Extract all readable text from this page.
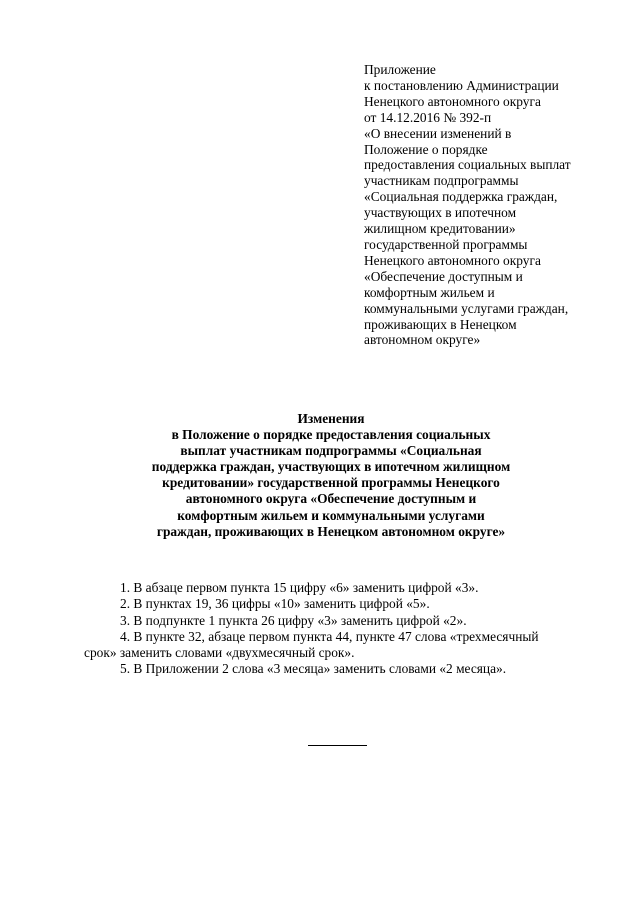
Приложение
к постановлению Администрации
Ненецкого автономного округа
от 14.12.2016 № 392-п
«О внесении изменений в
Положение о порядке
предоставления социальных выплат
участникам подпрограммы
«Социальная поддержка граждан,
участвующих в ипотечном
жилищном кредитовании»
государственной программы
Ненецкого автономного округа
«Обеспечение доступным и
комфортным жильем и
коммунальными услугами граждан,
проживающих в Ненецком
автономном округе»
Изменения
в Положение о порядке предоставления социальных
выплат участникам подпрограммы «Социальная
поддержка граждан, участвующих в ипотечном жилищном
кредитовании» государственной программы Ненецкого
автономного округа «Обеспечение доступным и
комфортным жильем и коммунальными услугами
граждан, проживающих в Ненецком автономном округе»
1. В абзаце первом пункта 15 цифру «6» заменить цифрой «3».
2. В пунктах 19, 36 цифры «10» заменить цифрой «5».
3. В подпункте 1 пункта 26 цифру «3» заменить цифрой «2».
4. В пункте 32, абзаце первом пункта 44, пункте 47 слова «трехмесячный
срок» заменить словами «двухмесячный срок».
5. В Приложении 2 слова «3 месяца» заменить словами «2 месяца».
